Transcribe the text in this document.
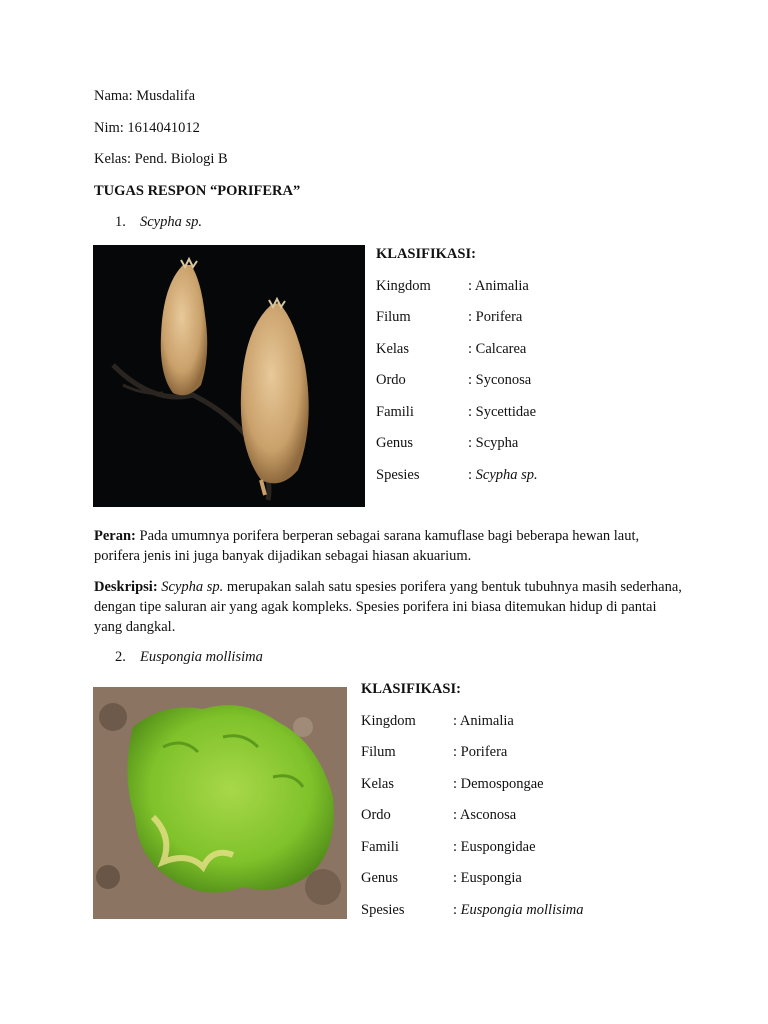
Nama: Musdalifa
Nim: 1614041012
Kelas: Pend. Biologi B
TUGAS RESPON “PORIFERA”
1. Scypha sp.
KLASIFIKASI:
Kingdom	: Animalia
Filum	: Porifera
Kelas	: Calcarea
Ordo	: Syconosa
Famili	: Sycettidae
Genus	: Scypha
Spesies	: Scypha sp.
Peran: Pada umumnya porifera berperan sebagai sarana kamuflase bagi beberapa hewan laut, porifera jenis ini juga banyak dijadikan sebagai hiasan akuarium.
Deskripsi: Scypha sp. merupakan salah satu spesies porifera yang bentuk tubuhnya masih sederhana, dengan tipe saluran air yang agak kompleks. Spesies porifera ini biasa ditemukan hidup di pantai yang dangkal.
2. Euspongia mollisima
KLASIFIKASI:
Kingdom	: Animalia
Filum	: Porifera
Kelas	: Demospongae
Ordo	: Asconosa
Famili	: Euspongidae
Genus	: Euspongia
Spesies	: Euspongia mollisima
